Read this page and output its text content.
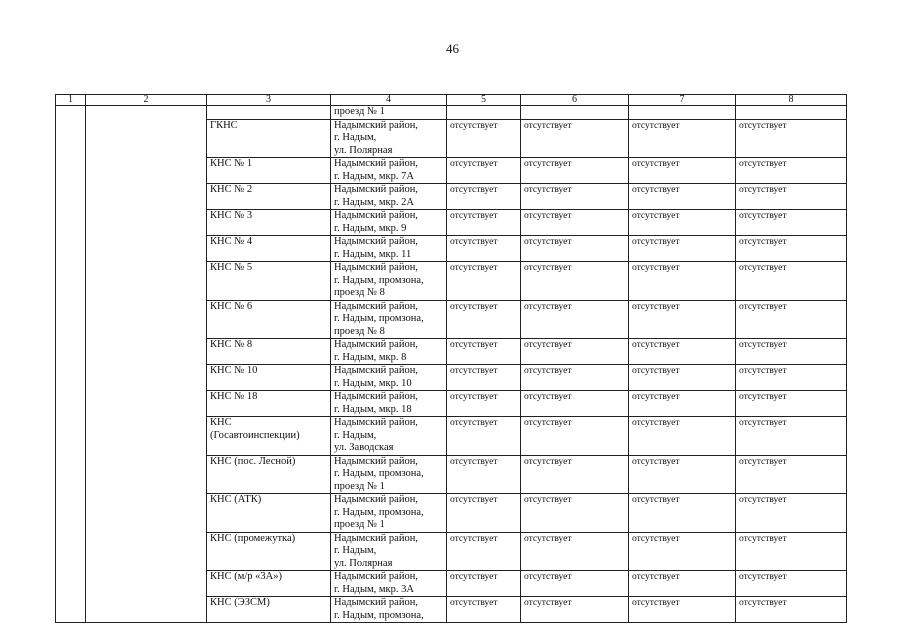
46
1	2	3	4	5	6	7	8
			проезд № 1				
		ГКНС	Надымский район,
г. Надым,
ул. Полярная	отсутствует	отсутствует	отсутствует	отсутствует
		КНС № 1	Надымский район,
г. Надым, мкр. 7А	отсутствует	отсутствует	отсутствует	отсутствует
		КНС № 2	Надымский район,
г. Надым, мкр. 2А	отсутствует	отсутствует	отсутствует	отсутствует
		КНС № 3	Надымский район,
г. Надым, мкр. 9	отсутствует	отсутствует	отсутствует	отсутствует
		КНС № 4	Надымский район,
г. Надым, мкр. 11	отсутствует	отсутствует	отсутствует	отсутствует
		КНС № 5	Надымский район,
г. Надым, промзона,
проезд № 8	отсутствует	отсутствует	отсутствует	отсутствует
		КНС № 6	Надымский район,
г. Надым, промзона,
проезд № 8	отсутствует	отсутствует	отсутствует	отсутствует
		КНС № 8	Надымский район,
г. Надым, мкр. 8	отсутствует	отсутствует	отсутствует	отсутствует
		КНС № 10	Надымский район,
г. Надым, мкр. 10	отсутствует	отсутствует	отсутствует	отсутствует
		КНС № 18	Надымский район,
г. Надым, мкр. 18	отсутствует	отсутствует	отсутствует	отсутствует
		КНС
(Госавтоинспекции)	Надымский район,
г. Надым,
ул. Заводская	отсутствует	отсутствует	отсутствует	отсутствует
		КНС (пос. Лесной)	Надымский район,
г. Надым, промзона,
проезд № 1	отсутствует	отсутствует	отсутствует	отсутствует
		КНС (АТК)	Надымский район,
г. Надым, промзона,
проезд № 1	отсутствует	отсутствует	отсутствует	отсутствует
		КНС (промежутка)	Надымский район,
г. Надым,
ул. Полярная	отсутствует	отсутствует	отсутствует	отсутствует
		КНС (м/р «3А»)	Надымский район,
г. Надым, мкр. 3А	отсутствует	отсутствует	отсутствует	отсутствует
		КНС (ЭЗСМ)	Надымский район,
г. Надым, промзона,	отсутствует	отсутствует	отсутствует	отсутствует
